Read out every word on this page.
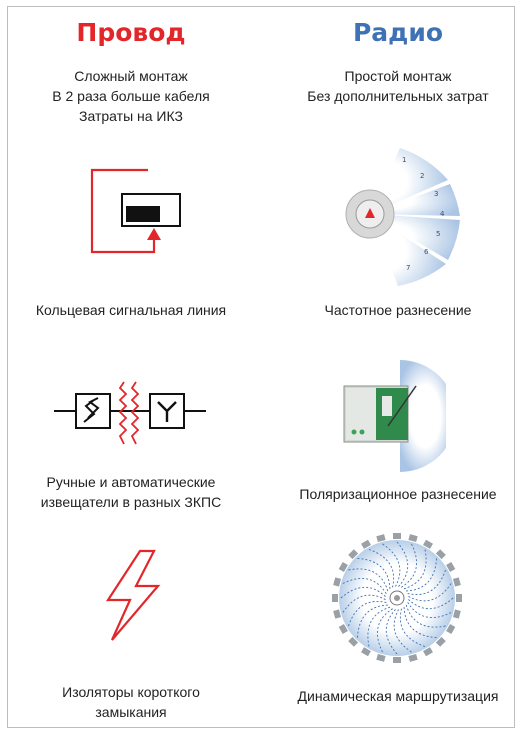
Провод	Радио
Сложный монтаж
В 2 раза больше кабеля
Затраты на ИКЗ
Простой монтаж
Без дополнительных затрат
Кольцевая сигнальная линия
Ручные и автоматические
извещатели в разных ЗКПС
Изоляторы короткого
замыкания
1
2
3
4
5
6
7
Частотное разнесение
Поляризационное разнесение
Динамическая маршрутизация
